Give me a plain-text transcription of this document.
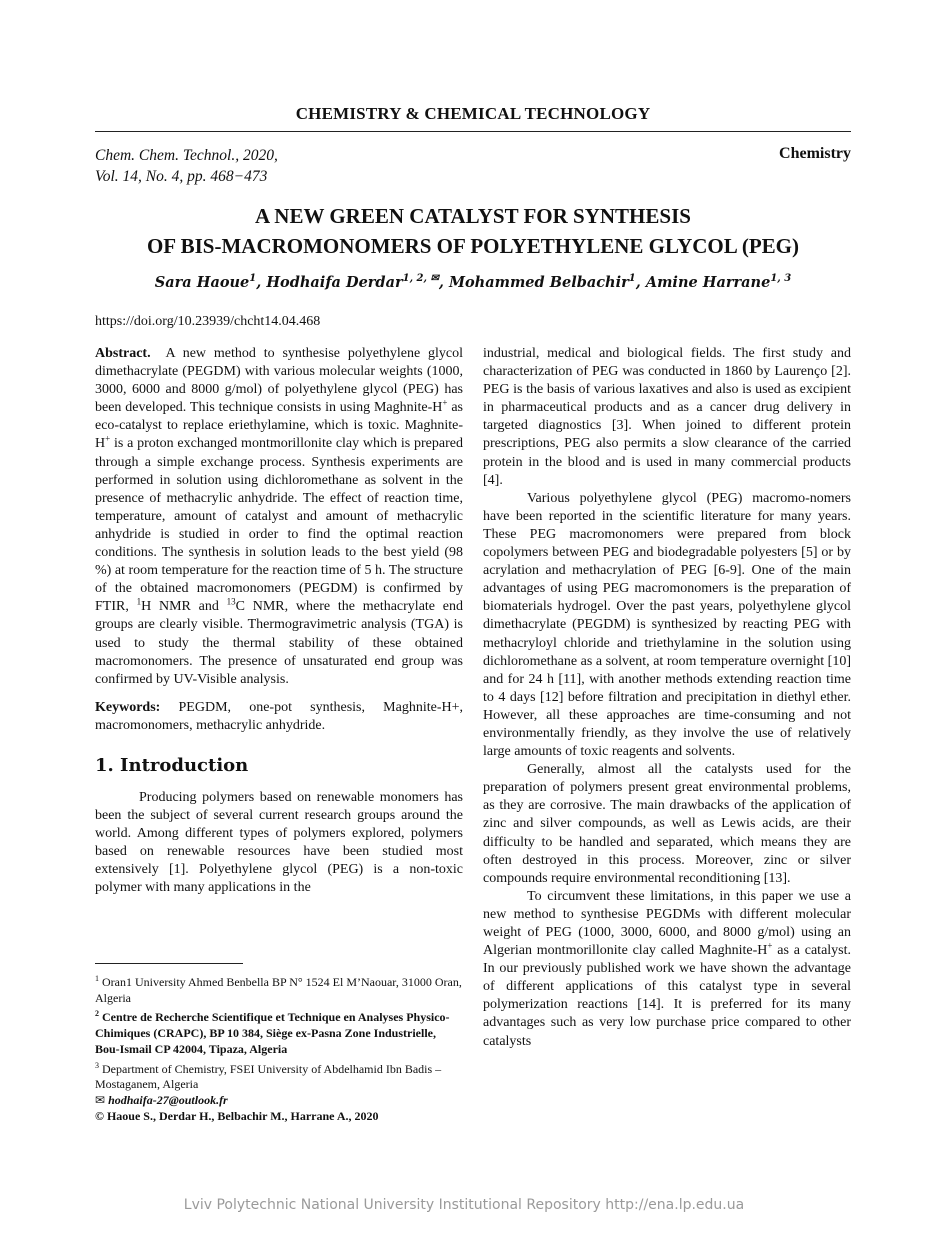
CHEMISTRY & CHEMICAL TECHNOLOGY
Chem. Chem. Technol., 2020,
Vol. 14, No. 4, pp. 468−473
Chemistry
A NEW GREEN CATALYST FOR SYNTHESIS
OF BIS-MACROMONOMERS OF POLYETHYLENE GLYCOL (PEG)
Sara Haoue$^1$, Hodhaifa Derdar$^{1, 2, ✉}$, Mohammed Belbachir$^1$, Amine Harrane$^{1, 3}$
https://doi.org/10.23939/chcht14.04.468

Abstract. A new method to synthesise polyethylene glycol dimethacrylate (PEGDM) with various molecular weights (1000, 3000, 6000 and 8000 g/mol) of polyethylene glycol (PEG) has been developed. This technique consists in using Maghnite-H+ as eco-catalyst to replace eriethylamine, which is toxic. Maghnite-H+ is a proton exchanged montmorillonite clay which is prepared through a simple exchange process. Synthesis experiments are performed in solution using dichloromethane as solvent in the presence of methacrylic anhydride. The effect of reaction time, temperature, amount of catalyst and amount of methacrylic anhydride is studied in order to find the optimal reaction conditions. The synthesis in solution leads to the best yield (98 %) at room temperature for the reaction time of 5 h. The structure of the obtained macromonomers (PEGDM) is confirmed by FTIR, $^1$H NMR and $^{13}$C NMR, where the methacrylate end groups are clearly visible. Thermogravimetric analysis (TGA) is used to study the thermal stability of these obtained macromonomers. The presence of unsaturated end group was confirmed by UV-Visible analysis.

Keywords: PEGDM, one-pot synthesis, Maghnite-H+, macromonomers, methacrylic anhydride.

1. Introduction

Producing polymers based on renewable monomers has been the subject of several current research groups around the world. Among different types of polymers explored, polymers based on renewable resources have been studied most extensively [1]. Polyethylene glycol (PEG) is a non-toxic polymer with many applications in the

$^1$ Oran1 University Ahmed Benbella BP N° 1524 El M’Naouar, 31000 Oran, Algeria

$^2$ Centre de Recherche Scientifique et Technique en Analyses Physico-Chimiques (CRAPC), BP 10 384, Siège ex-Pasna Zone Industrielle, Bou-Ismail CP 42004, Tipaza, Algeria

$^3$ Department of Chemistry, FSEI University of Abdelhamid Ibn Badis – Mostaganem, Algeria

✉ hodhaifa-27@outlook.fr

© Haoue S., Derdar H., Belbachir M., Harrane A., 2020

industrial, medical and biological fields. The first study and characterization of PEG was conducted in 1860 by Laurenço [2]. PEG is the basis of various laxatives and also is used as excipient in pharmaceutical products and as a cancer drug delivery in targeted diagnostics [3]. When joined to different protein prescriptions, PEG also permits a slow clearance of the carried protein in the blood and is used in many commercial products [4].

Various polyethylene glycol (PEG) macromo-nomers have been reported in the scientific literature for many years. These PEG macromonomers were prepared from block copolymers between PEG and biodegradable polyesters [5] or by acrylation and methacrylation of PEG [6-9]. One of the main advantages of using PEG macromonomers is the preparation of biomaterials hydrogel. Over the past years, polyethylene glycol dimethacrylate (PEGDM) is synthesized by reacting PEG with methacryloyl chloride and triethylamine in the solution using dichloromethane as a solvent, at room temperature overnight [10] and for 24 h [11], with another methods extending reaction time to 4 days [12] before filtration and precipitation in diethyl ether. However, all these approaches are time-consuming and not environmentally friendly, as they involve the use of relatively large amounts of toxic reagents and solvents.

Generally, almost all the catalysts used for the preparation of polymers present great environmental problems, as they are corrosive. The main drawbacks of the application of zinc and silver compounds, as well as Lewis acids, are their difficulty to be handled and separated, which means they are often destroyed in this process. Moreover, zinc or silver compounds require environmental reconditioning [13].

To circumvent these limitations, in this paper we use a new method to synthesise PEGDMs with different molecular weight of PEG (1000, 3000, 6000, and 8000 g/mol) using an Algerian montmorillonite clay called Maghnite-H+ as a catalyst. In our previously published work we have shown the advantage of different applications of this catalyst type in several polymerization reactions [14]. It is preferred for its many advantages such as very low purchase price compared to other catalysts

Lviv Polytechnic National University Institutional Repository http://ena.lp.edu.ua
